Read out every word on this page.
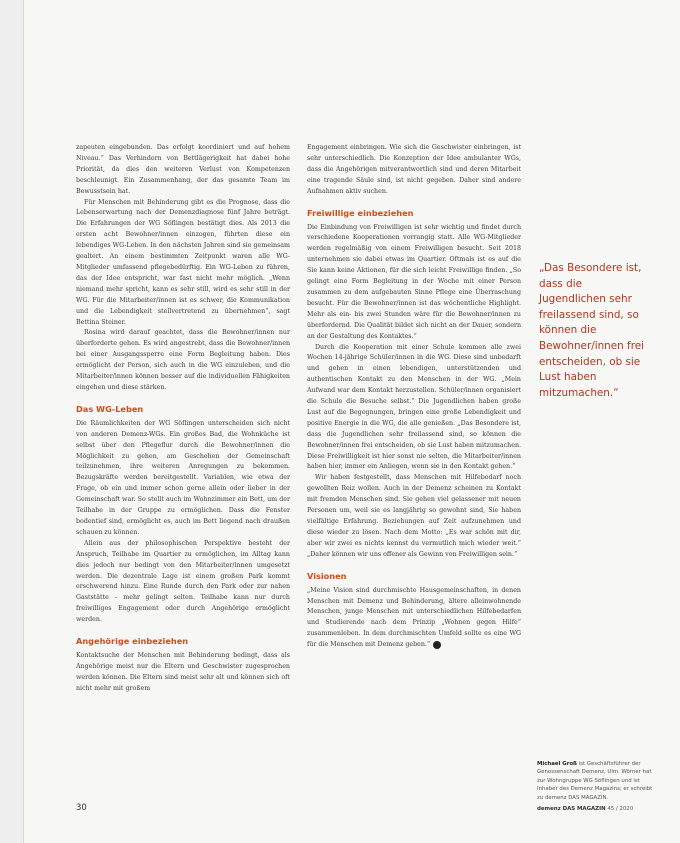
zapeuten eingebunden. Das erfolgt koordiniert und auf hohem Niveau.“ Das Verhindern von Bettlägerigkeit hat dabei hohe Priorität, da dies den weiteren Verlust von Kompetenzen beschleunigt. Ein Zusammenhang, der das gesamte Team im Bewusstsein hat.

Für Menschen mit Behinderung gibt es die Prognose, dass die Lebenserwartung nach der Demenzdiagnose fünf Jahre beträgt. Die Erfahrungen der WG Söflingen bestätigt dies. Als 2013 die ersten acht Bewohner/innen einzogen, führten diese ein lebendiges WG-Leben. In den nächsten Jahren sind sie gemeinsam gealtert. An einem bestimmten Zeitpunkt waren alle WG-Mitglieder umfassend pflegebedürftig. Ein WG-Leben zu führen, das der Idee entspricht, war fast nicht mehr möglich. „Wenn niemand mehr spricht, kann es sehr still, wird es sehr still in der WG. Für die Mitarbeiter/innen ist es schwer, die Kommunikation und die Lebendigkeit stellvertretend zu übernehmen“, sagt Bettina Steiner.

Rosina wird darauf geachtet, dass die Bewohner/innen nur überforderte gehen. Es wird angestrebt, dass die Bewohner/innen bei einer Ausgangssperre eine Form Begleitung haben. Dies ermöglicht der Person, sich auch in die WG einzuleben, und die Mitarbeiter/innen können besser auf die individuellen Fähigkeiten eingehen und diese stärken.

Das WG-Leben

Die Räumlichkeiten der WG Söflingen unterscheiden sich nicht von anderen Demenz-WGs. Ein großes Bad, die Wohnküche ist selbst über den Pflegeflur durch die Bewohner/innen die Möglichkeit zu gehen, am Geschehen der Gemeinschaft teilzunehmen, ihre weiteren Anregungen zu bekommen. Bezugskräfte werden bereitgestellt. Variablen, wie etwa der Frage, ob ein und immer schon gerne allein oder lieber in der Gemeinschaft war. So stellt auch im Wohnzimmer ein Bett, um der Teilhabe in der Gruppe zu ermöglichen. Dass die Fenster bodentief sind, ermöglicht es, auch im Bett liegend nach draußen schauen zu können.

Allein aus der philosophischen Perspektive besteht der Anspruch, Teilhabe im Quartier zu ermöglichen, im Alltag kann dies jedoch nur bedingt von den Mitarbeiter/innen umgesetzt werden. Die dezentrale Lage ist einem großen Park kommt erschwerend hinzu. Eine Runde durch den Park oder zur nahen Gaststätte – mehr gelingt selten. Teilhabe kann nur durch freiwilliges Engagement oder durch Angehörige ermöglicht werden.

Angehörige einbeziehen

Kontaktsuche der Menschen mit Behinderung bedingt, dass als Angehörige meist nur die Eltern und Geschwister zugesprochen werden können. Die Eltern sind meist sehr alt und können sich oft nicht mehr mit großem

Engagement einbringen. Wie sich die Geschwister einbringen, ist sehr unterschiedlich. Die Konzeption der Idee ambulanter WGs, dass die Angehörigen mitverantwortlich sind und deren Mitarbeit eine tragende Säule sind, ist nicht gegeben. Daher sind andere Aufnahmen aktiv suchen.

Freiwillige einbeziehen

Die Einbindung von Freiwilligen ist sehr wichtig und findet durch verschiedene Kooperationen vorrangig statt. Alle WG-Mitglieder werden regelmäßig von einem Freiwilligen besucht. Seit 2018 unternehmen sie dabei etwas im Quartier. Oftmals ist es auf die Sie kann keine Aktionen, für die sich leicht Freiwillige finden. „So gelingt eine Form Begleitung in der Woche mit einer Person zusammen zu dem aufgebauten Sinne Pflege eine Überraschung besucht. Für die Bewohner/innen ist das wöchentliche Highlight. Mehr als ein- bis zwei Stunden wäre für die Bewohner/innen zu überfordernd. Die Qualität bildet sich nicht an der Dauer, sondern an der Gestaltung des Kontaktes.“

Durch die Kooperation mit einer Schule kommen alle zwei Wochen 14-jährige Schüler/innen in die WG. Diese sind unbedarft und gehen in einen lebendigen, unterstützenden und authentischen Kontakt zu den Menschen in der WG. „Mein Aufwand war dem Kontakt herzustellen. Schüler/innen organisiert die Schule die Besuche selbst.“ Die Jugendlichen haben große Lust auf die Begegnungen, bringen eine große Lebendigkeit und positive Energie in die WG, die alle genießen. „Das Besondere ist, dass die Jugendlichen sehr freilassend sind, so können die Bewohner/innen frei entscheiden, ob sie Lust haben mitzumachen. Diese Freiwilligkeit ist hier sonst nie selten, die Mitarbeiter/innen haben hier, immer ein Anliegen, wenn sie in den Kontakt gehen.“

Wir haben festgestellt, dass Menschen mit Hilfebedarf noch gewollten Reiz wollen. Auch in der Demenz scheinen zu Kontakt mit fremden Menschen sind. Sie gehen viel gelassener mit neuen Personen um, weil sie es langjährig so gewohnt sind, Sie haben vielfältige Erfahrung. Beziehungen auf Zeit aufzunehmen und diese wieder zu lösen. Nach dem Motto: „Es war schön mit dir, aber wir zwei es nichts kennst du vermutlich mich wieder weit.“ „Daher können wir uns offener als Gewinn von Freiwilligen sein.“

Visionen

„Meine Vision sind durchmischte Hausgemeinschaften, in denen Menschen mit Demenz und Behinderung, ältere alleinwohnende Menschen, junge Menschen mit unterschiedlichen Hilfebedarfen und Studierende nach dem Prinzip „Wohnen gegen Hilfe“ zusammenleben. In dem durchmischten Umfeld sollte es eine WG für die Menschen mit Demenz geben.“

„Das Besondere ist, dass die Jugendlichen sehr freilassend sind, so können die Bewohner/innen frei entscheiden, ob sie Lust haben mitzumachen.“
Michael Groß ist Geschäftsführer der Genossenschaft Demenz, Ulm. Wörner hat zur Wohngruppe WG Söflingen und ist Inhaber des Demenz Magazins; er schreibt zu demenz DAS MAGAZIN.
30	demenz DAS MAGAZIN 45 / 2020
